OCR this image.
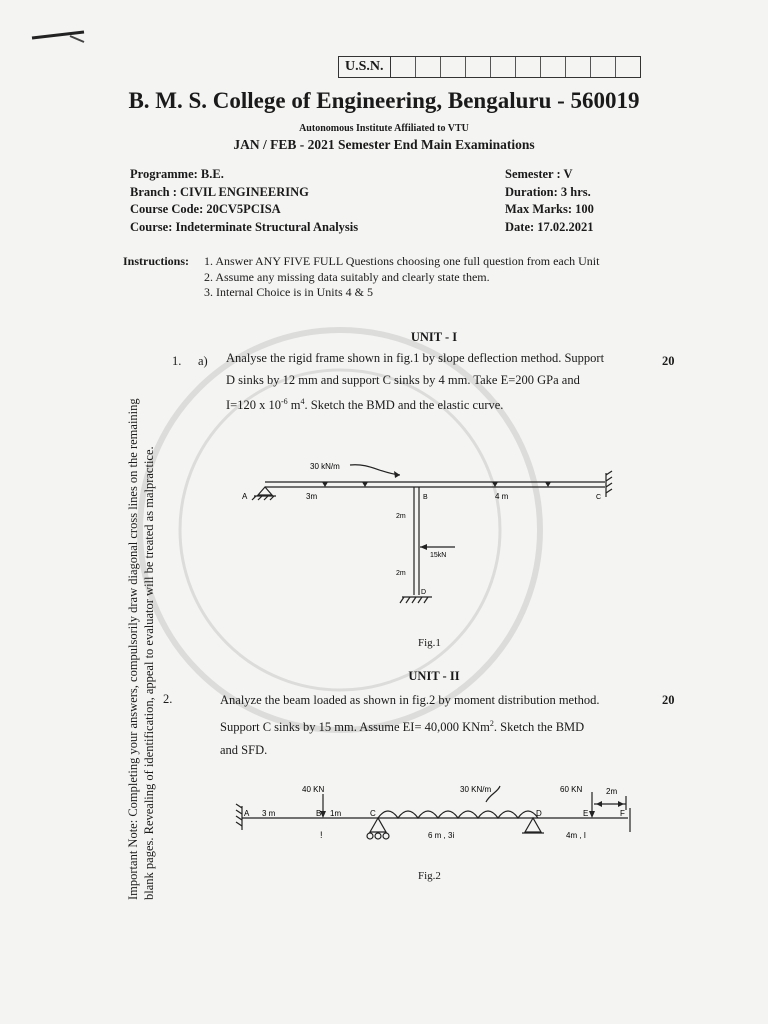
U.S.N.
B. M. S. College of Engineering, Bengaluru - 560019
Autonomous Institute Affiliated to VTU
JAN / FEB - 2021 Semester End Main Examinations
Programme: B.E.
Branch : CIVIL ENGINEERING
Course Code: 20CV5PCISA
Course: Indeterminate Structural Analysis
Semester : V
Duration: 3 hrs.
Max Marks: 100
Date: 17.02.2021
Instructions: 1. Answer ANY FIVE FULL Questions choosing one full question from each Unit
2. Assume any missing data suitably and clearly state them.
3. Internal Choice is in Units 4 & 5
UNIT - I
1. a) Analyse the rigid frame shown in fig.1 by slope deflection method. Support
D sinks by 12 mm and support C sinks by 4 mm. Take E=200 GPa and
I=120 x $10^{-6}$ $m^4$. Sketch the BMD and the elastic curve.
20
30 kN/m
A	3m	B	4 m	C
2m
15kN
2m
D
Fig.1
UNIT - II
2.	Analyze the beam loaded as shown in fig.2 by moment distribution method.
Support C sinks by 15 mm. Assume EI= 40,000 KNm$^2$. Sketch the BMD
and SFD.
20
40 KN	30 KN/m	60 KN	2m
A 3 m	B 1m	C	D	E	F
!	6 m , 3i	4m , I
Fig.2
Important Note: Completing your answers, compulsorily draw diagonal cross lines on the remaining blank pages. Revealing of identification, appeal to evaluator will be treated as malpractice.
